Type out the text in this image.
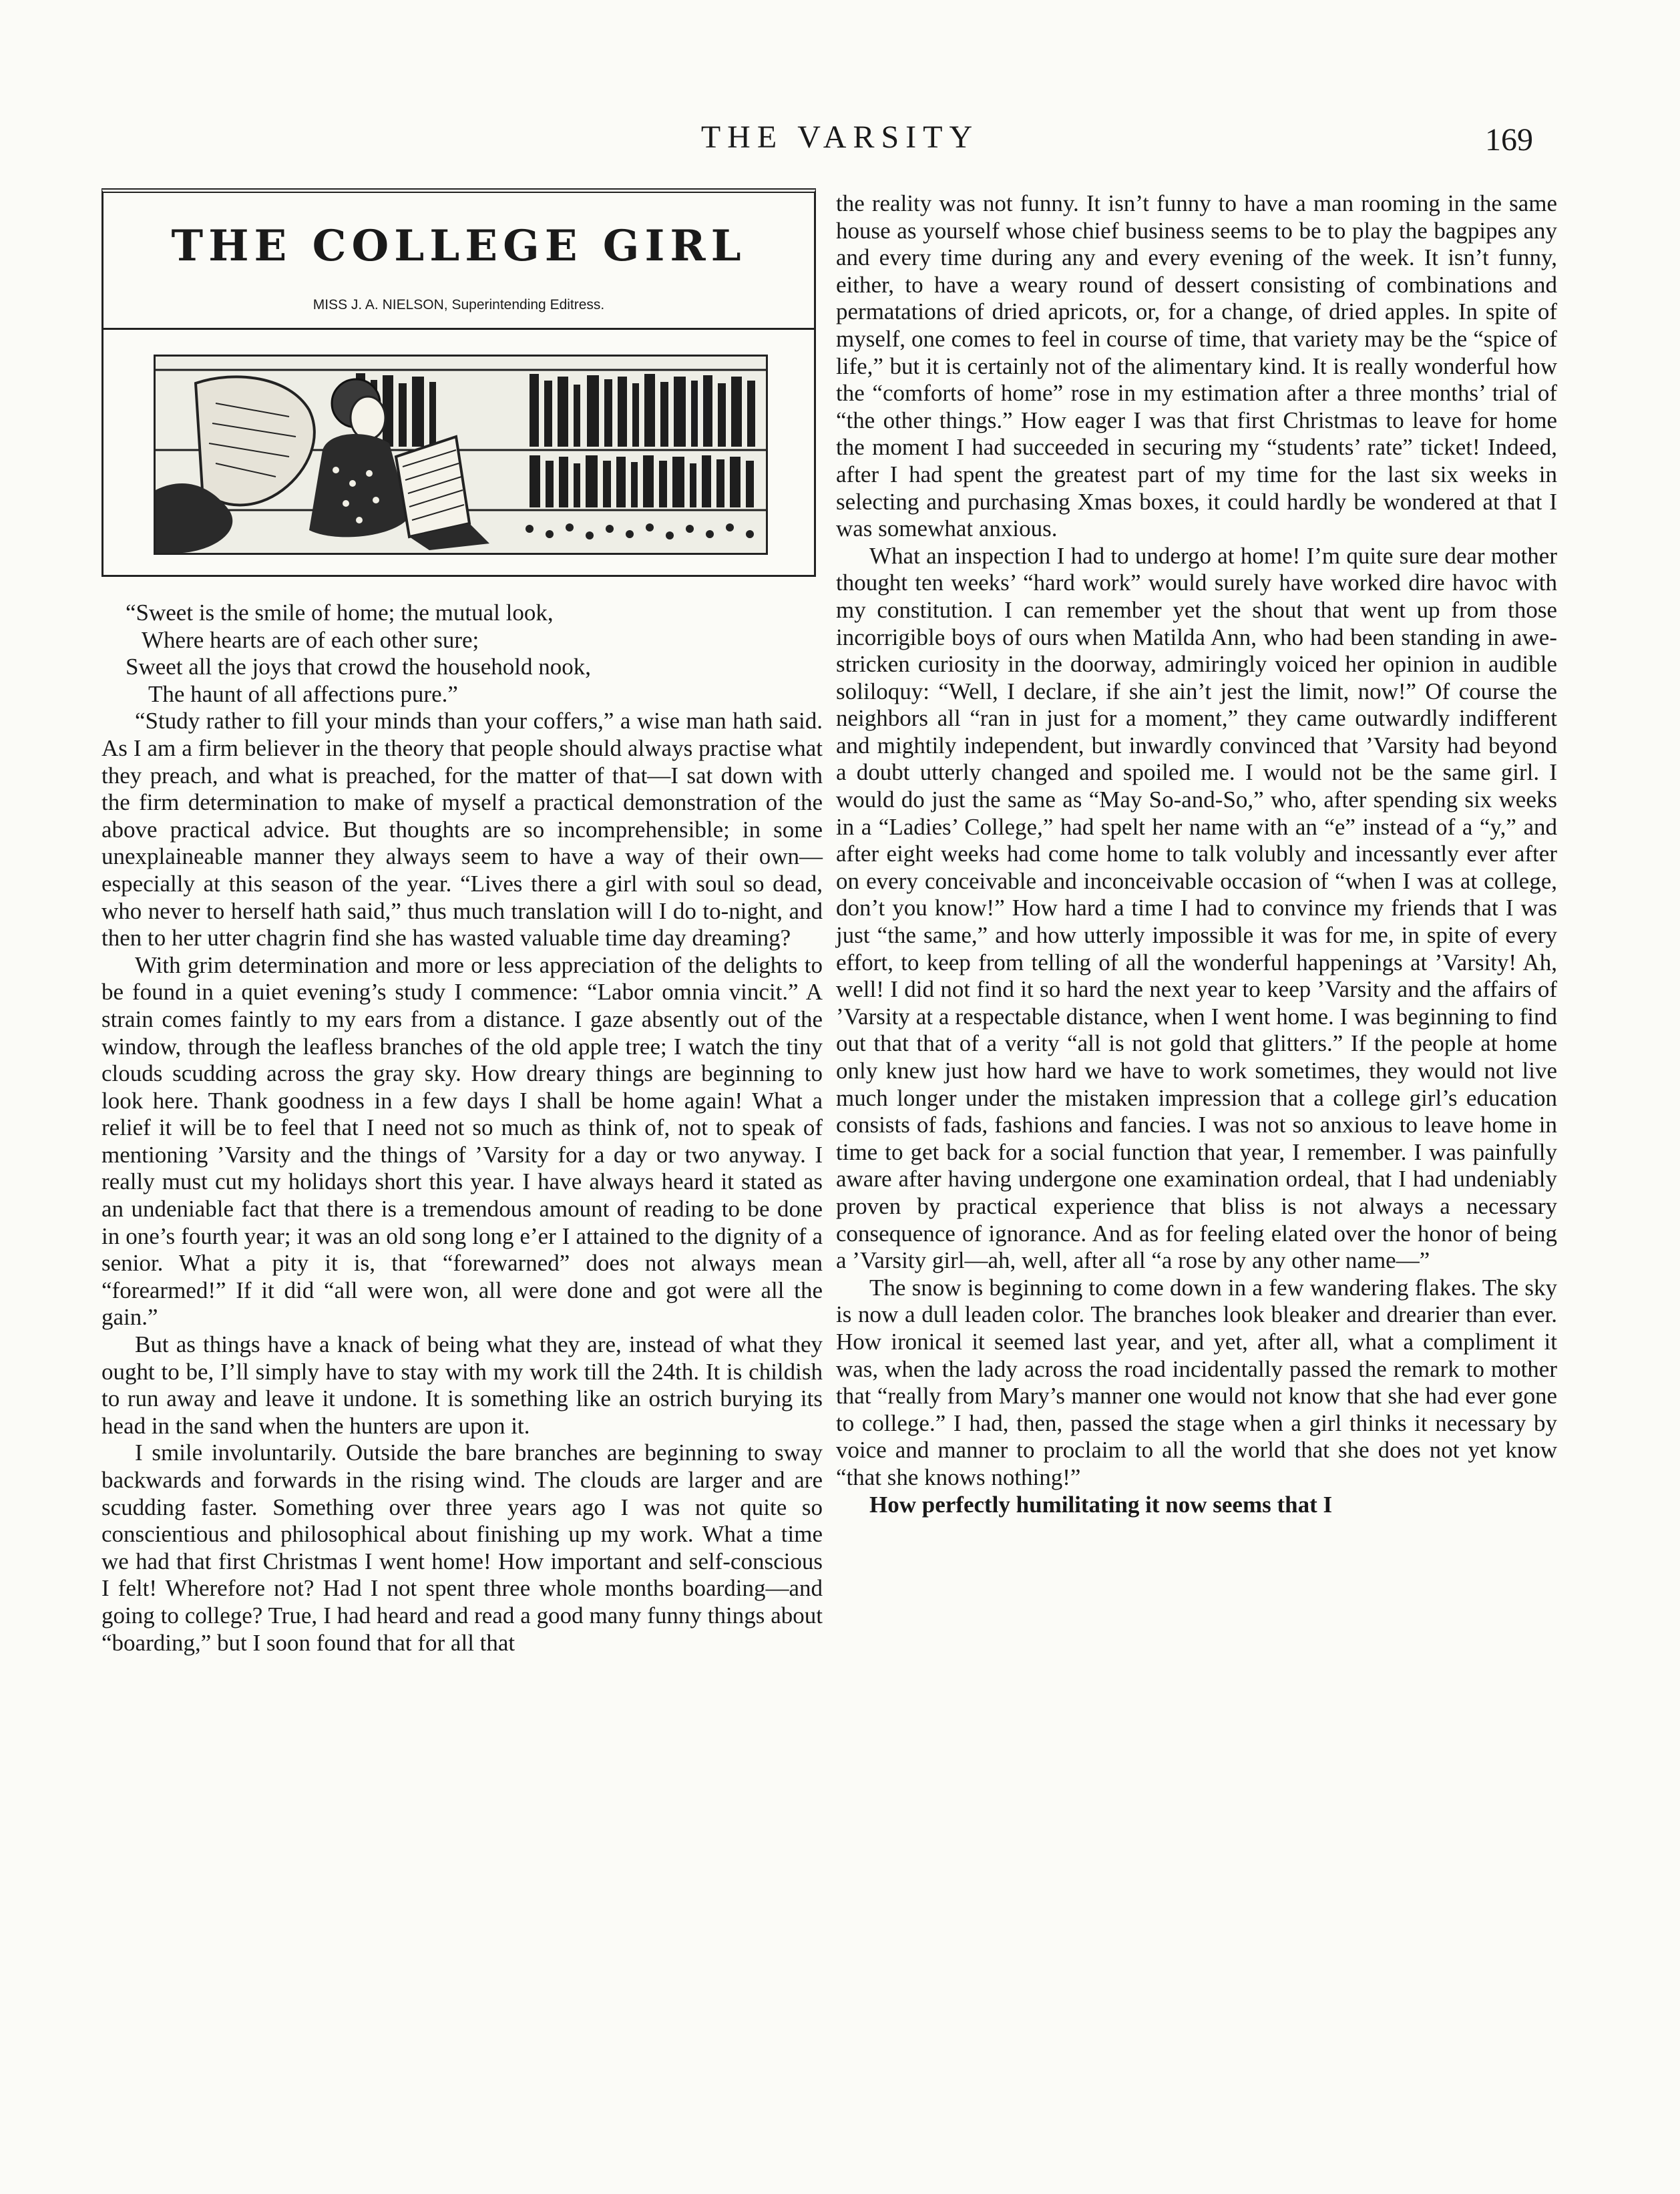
THE VARSITY	169
THE COLLEGE GIRL
MISS J. A. NIELSON, Superintending Editress.
“Sweet is the smile of home; the mutual look,
Where hearts are of each other sure;
Sweet all the joys that crowd the household nook,
The haunt of all affections pure.”

“Study rather to fill your minds than your coffers,” a wise man hath said. As I am a firm believer in the theory that people should always practise what they preach, and what is preached, for the matter of that—I sat down with the firm determination to make of myself a practical demonstration of the above practical advice. But thoughts are so incomprehensible; in some unexplaineable manner they always seem to have a way of their own—especially at this season of the year. “Lives there a girl with soul so dead, who never to herself hath said,” thus much translation will I do to-night, and then to her utter chagrin find she has wasted valuable time day dreaming?

With grim determination and more or less appreciation of the delights to be found in a quiet evening’s study I commence: “Labor omnia vincit.” A strain comes faintly to my ears from a distance. I gaze absently out of the window, through the leafless branches of the old apple tree; I watch the tiny clouds scudding across the gray sky. How dreary things are beginning to look here. Thank goodness in a few days I shall be home again! What a relief it will be to feel that I need not so much as think of, not to speak of mentioning ’Varsity and the things of ’Varsity for a day or two anyway. I really must cut my holidays short this year. I have always heard it stated as an undeniable fact that there is a tremendous amount of reading to be done in one’s fourth year; it was an old song long e’er I attained to the dignity of a senior. What a pity it is, that “forewarned” does not always mean “forearmed!” If it did “all were won, all were done and got were all the gain.”

But as things have a knack of being what they are, instead of what they ought to be, I’ll simply have to stay with my work till the 24th. It is childish to run away and leave it undone. It is something like an ostrich burying its head in the sand when the hunters are upon it.

I smile involuntarily. Outside the bare branches are beginning to sway backwards and forwards in the rising wind. The clouds are larger and are scudding faster. Something over three years ago I was not quite so conscientious and philosophical about finishing up my work. What a time we had that first Christmas I went home! How important and self-conscious I felt! Wherefore not? Had I not spent three whole months boarding—and going to college? True, I had heard and read a good many funny things about “boarding,” but I soon found that for all that

the reality was not funny. It isn’t funny to have a man rooming in the same house as yourself whose chief business seems to be to play the bagpipes any and every time during any and every evening of the week. It isn’t funny, either, to have a weary round of dessert consisting of combinations and permatations of dried apricots, or, for a change, of dried apples. In spite of myself, one comes to feel in course of time, that variety may be the “spice of life,” but it is certainly not of the alimentary kind. It is really wonderful how the “comforts of home” rose in my estimation after a three months’ trial of “the other things.” How eager I was that first Christmas to leave for home the moment I had succeeded in securing my “students’ rate” ticket! Indeed, after I had spent the greatest part of my time for the last six weeks in selecting and purchasing Xmas boxes, it could hardly be wondered at that I was somewhat anxious.

What an inspection I had to undergo at home! I’m quite sure dear mother thought ten weeks’ “hard work” would surely have worked dire havoc with my constitution. I can remember yet the shout that went up from those incorrigible boys of ours when Matilda Ann, who had been standing in awe-stricken curiosity in the doorway, admiringly voiced her opinion in audible soliloquy: “Well, I declare, if she ain’t jest the limit, now!” Of course the neighbors all “ran in just for a moment,” they came outwardly indifferent and mightily independent, but inwardly convinced that ’Varsity had beyond a doubt utterly changed and spoiled me. I would not be the same girl. I would do just the same as “May So-and-So,” who, after spending six weeks in a “Ladies’ College,” had spelt her name with an “e” instead of a “y,” and after eight weeks had come home to talk volubly and incessantly ever after on every conceivable and inconceivable occasion of “when I was at college, don’t you know!” How hard a time I had to convince my friends that I was just “the same,” and how utterly impossible it was for me, in spite of every effort, to keep from telling of all the wonderful happenings at ’Varsity! Ah, well! I did not find it so hard the next year to keep ’Varsity and the affairs of ’Varsity at a respectable distance, when I went home. I was beginning to find out that that of a verity “all is not gold that glitters.” If the people at home only knew just how hard we have to work sometimes, they would not live much longer under the mistaken impression that a college girl’s education consists of fads, fashions and fancies. I was not so anxious to leave home in time to get back for a social function that year, I remember. I was painfully aware after having undergone one examination ordeal, that I had undeniably proven by practical experience that bliss is not always a necessary consequence of ignorance. And as for feeling elated over the honor of being a ’Varsity girl—ah, well, after all “a rose by any other name—”

The snow is beginning to come down in a few wandering flakes. The sky is now a dull leaden color. The branches look bleaker and drearier than ever. How ironical it seemed last year, and yet, after all, what a compliment it was, when the lady across the road incidentally passed the remark to mother that “really from Mary’s manner one would not know that she had ever gone to college.” I had, then, passed the stage when a girl thinks it necessary by voice and manner to proclaim to all the world that she does not yet know “that she knows nothing!”

How perfectly humilitating it now seems that I
